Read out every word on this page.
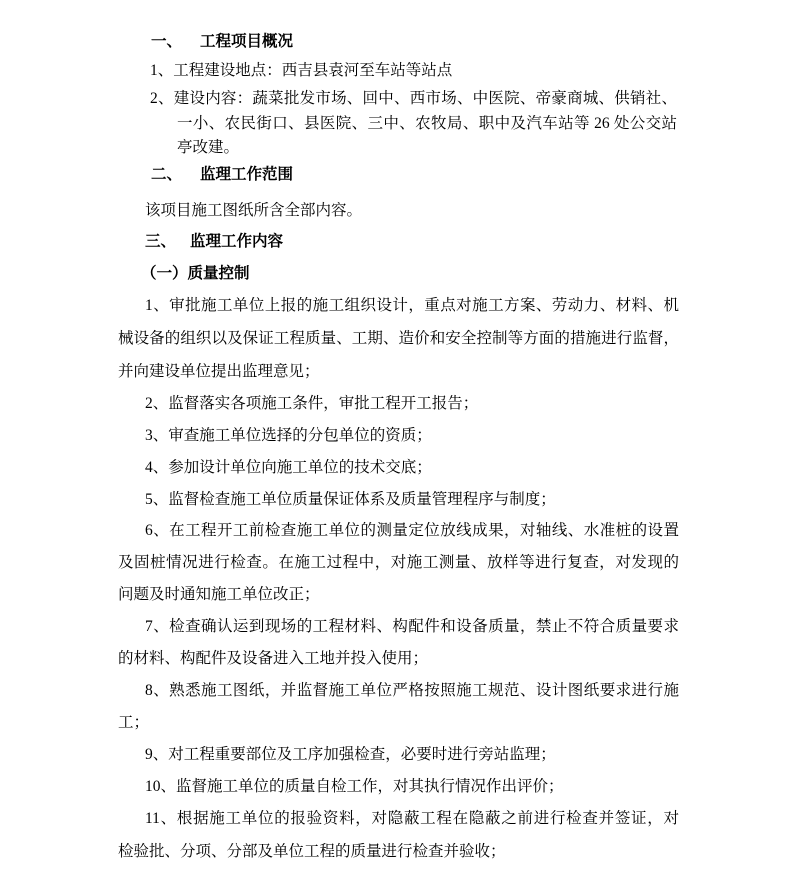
一、 工程项目概况
1、工程建设地点：西吉县袁河至车站等站点
2、建设内容：蔬菜批发市场、回中、西市场、中医院、帝豪商城、供销社、
一小、农民街口、县医院、三中、农牧局、职中及汽车站等 26 处公交站
亭改建。
二、 监理工作范围
该项目施工图纸所含全部内容。
三、 监理工作内容
（一）质量控制
1、审批施工单位上报的施工组织设计，重点对施工方案、劳动力、材料、机
械设备的组织以及保证工程质量、工期、造价和安全控制等方面的措施进行监督，
并向建设单位提出监理意见；
2、监督落实各项施工条件，审批工程开工报告；
3、审查施工单位选择的分包单位的资质；
4、参加设计单位向施工单位的技术交底；
5、监督检查施工单位质量保证体系及质量管理程序与制度；
6、在工程开工前检查施工单位的测量定位放线成果，对轴线、水准桩的设置
及固桩情况进行检查。在施工过程中，对施工测量、放样等进行复查，对发现的
问题及时通知施工单位改正；
7、检查确认运到现场的工程材料、构配件和设备质量，禁止不符合质量要求
的材料、构配件及设备进入工地并投入使用；
8、熟悉施工图纸，并监督施工单位严格按照施工规范、设计图纸要求进行施
工；
9、对工程重要部位及工序加强检查，必要时进行旁站监理；
10、监督施工单位的质量自检工作，对其执行情况作出评价；
11、根据施工单位的报验资料，对隐蔽工程在隐蔽之前进行检查并签证，对
检验批、分项、分部及单位工程的质量进行检查并验收；
